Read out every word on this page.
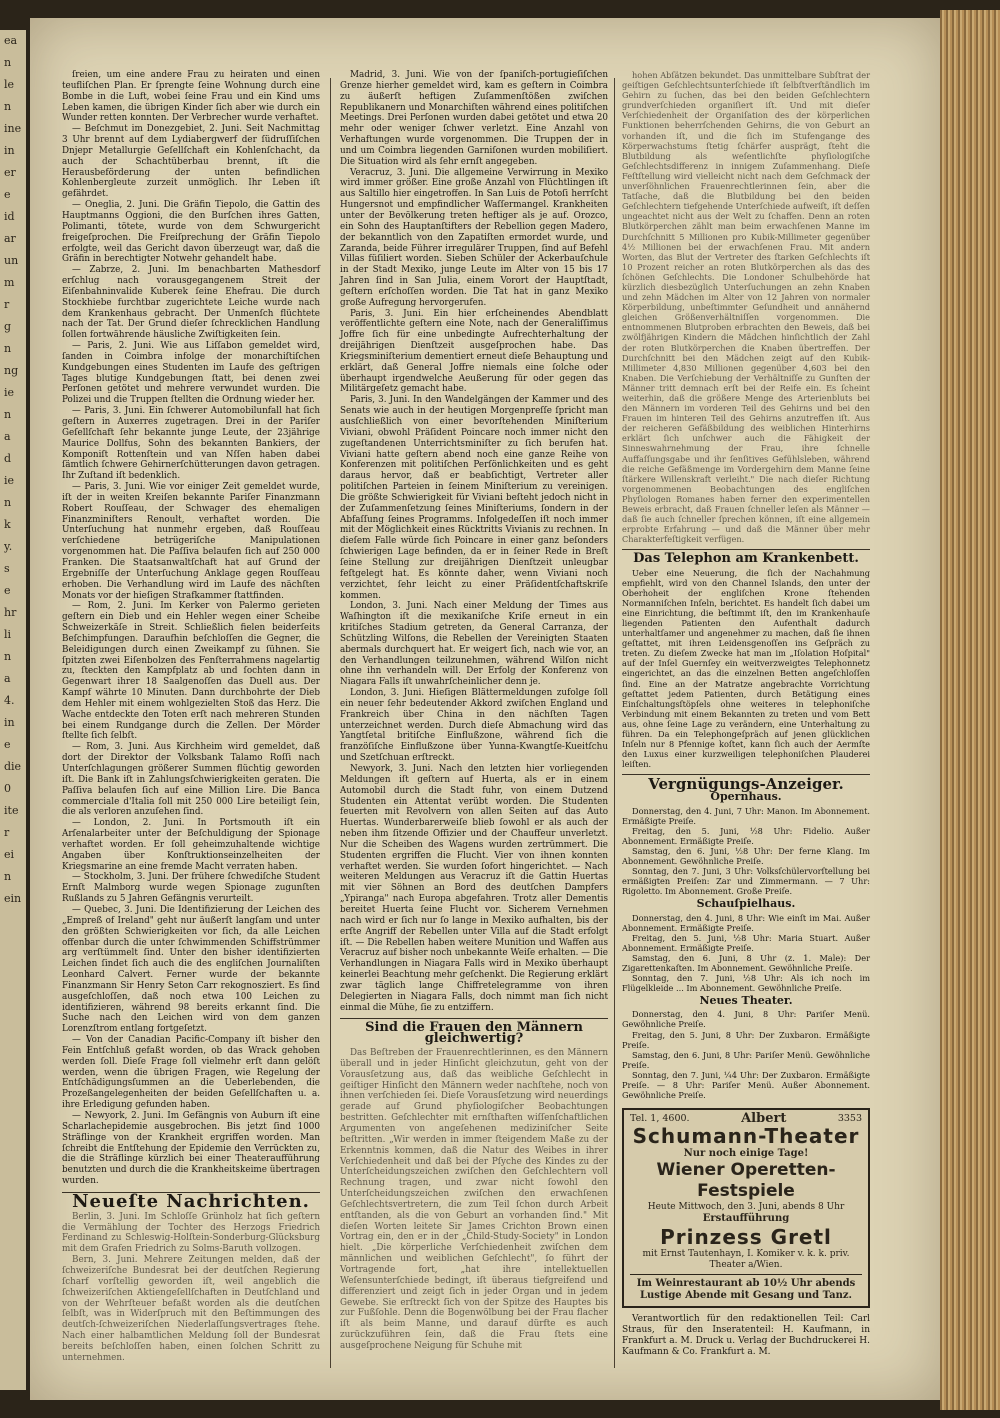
ea
n
le
n
ine
in
er
e
id
ar
un
m
r
g
n
ng
ie
n
a
d
ie
n
k
y.
s
e
hr
li
n
a
4.
in
e
die
0
ite
r
ei
n
ein

ſreien, um eine andere Frau zu heiraten und einen teufliſchen Plan. Er ſprengte ſeine Wohnung durch eine Bombe in die Luft, wobei ſeine Frau und ein Kind ums Leben kamen, die übrigen Kinder ſich aber wie durch ein Wunder retten konnten. Der Verbrecher wurde verhaftet.

— Beſchmut im Donezgebiet, 2. Juni. Seit Nachmittag 3 Uhr brennt auf dem Lydiabergwerf der ſüdruſſiſchen Dnjepr Metallurgie Geſellſchaft ein Kohlenſchacht, da auch der Schachtüberbau brennt, iſt die Herausbeförderung der unten befindlichen Kohlenbergleute zurzeit unmöglich. Ihr Leben iſt gefährdet.

— Oneglia, 2. Juni. Die Gräfin Tiepolo, die Gattin des Hauptmanns Oggioni, die den Burſchen ihres Gatten, Polimanti, tötete, wurde von dem Schwurgericht freigeſprochen. Die Freiſprechung der Gräfin Tiepolo erfolgte, weil das Gericht davon überzeugt war, daß die Gräfin in berechtigter Notwehr gehandelt habe.

— Zabrze, 2. Juni. Im benachbarten Mathesdorf erſchlug nach vorausgegangenem Streit der Eiſenbahninvalide Kuberek ſeine Ehefrau. Die durch Stockhiebe furchtbar zugerichtete Leiche wurde nach dem Krankenhaus gebracht. Der Unmenſch flüchtete nach der Tat. Der Grund dieſer ſchrecklichen Handlung ſollen fortwährende häusliche Zwiſtigkeiten ſein.

— Paris, 2. Juni. Wie aus Liſſabon gemeldet wird, ſanden in Coimbra infolge der monarchiſtiſchen Kundgebungen eines Studenten im Laufe des geſtrigen Tages blutige Kundgebungen ſtatt, bei denen zwei Perſonen getötet und mehrere verwundet wurden. Die Polizei und die Truppen ſtellten die Ordnung wieder her.

— Paris, 3. Juni. Ein ſchwerer Automobilunfall hat ſich geſtern in Auxerres zugetragen. Drei in der Pariſer Geſellſchaft ſehr bekannte junge Leute, der 23jährige Maurice Dollfus, Sohn des bekannten Bankiers, der Komponiſt Rottenſtein und van Nſſen haben dabei ſämtlich ſchwere Gehirnerſchütterungen davon getragen. Ihr Zuſtand iſt bedenklich.

— Paris, 3. Juni. Wie vor einiger Zeit gemeldet wurde, iſt der in weiten Kreiſen bekannte Pariſer Finanzmann Robert Rouſſeau, der Schwager des ehemaligen Finanzminiſters Renoult, verhaftet worden. Die Unterſuchung hat nunmehr ergeben, daß Rouſſeau verſchiedene betrügeriſche Manipulationen vorgenommen hat. Die Paſſiva belaufen ſich auf 250 000 Franken. Die Staatsanwaltſchaft hat auf Grund der Ergebniſſe der Unterſuchung Anklage gegen Rouſſeau erhoben. Die Verhandlung wird im Laufe des nächſten Monats vor der hieſigen Strafkammer ſtattfinden.

— Rom, 2. Juni. Im Kerker von Palermo gerieten geſtern ein Dieb und ein Hehler wegen einer Scheibe Schweizerkäſe in Streit. Schließlich fielen beiderſeits Beſchimpfungen. Daraufhin beſchloſſen die Gegner, die Beleidigungen durch einen Zweikampf zu ſühnen. Sie ſpitzten zwei Eiſenbolzen des Fenſterrahmens nagelartig zu, ſteckten den Kampfplatz ab und ſochten dann in Gegenwart ihrer 18 Saalgenoſſen das Duell aus. Der Kampf währte 10 Minuten. Dann durchbohrte der Dieb dem Hehler mit einem wohlgezielten Stoß das Herz. Die Wache entdeckte den Toten erſt nach mehreren Stunden bei einem Rundgange durch die Zellen. Der Mörder ſtellte ſich ſelbſt.

— Rom, 3. Juni. Aus Kirchheim wird gemeldet, daß dort der Direktor der Volksbank Talamo Roſſi nach Unterſchlagungen größerer Summen flüchtig geworden iſt. Die Bank iſt in Zahlungsſchwierigkeiten geraten. Die Paſſiva belaufen ſich auf eine Million Lire. Die Banca commerciale d'Italia ſoll mit 250 000 Lire beteiligt ſein, die als verloren anzuſehen ſind.

— London, 2. Juni. In Portsmouth iſt ein Arſenalarbeiter unter der Beſchuldigung der Spionage verhaftet worden. Er ſoll geheimzuhaltende wichtige Angaben über Konſtruktionseinzelheiten der Kriegsmarine an eine fremde Macht verraten haben.

— Stockholm, 3. Juni. Der frühere ſchwediſche Student Ernſt Malmborg wurde wegen Spionage zugunſten Rußlands zu 5 Jahren Gefängnis verurteilt.

— Quebec, 3. Juni. Die Identifizierung der Leichen des „Empreß of Ireland" geht nur äußerſt langſam und unter den größten Schwierigkeiten vor ſich, da alle Leichen offenbar durch die unter ſchwimmenden Schiffstrümmer arg verſtümmelt ſind. Unter den bisher identifizierten Leichen ſindet ſich auch die des engliſchen Journaliſten Leonhard Calvert. Ferner wurde der bekannte Finanzmann Sir Henry Seton Carr rekognosziert. Es ſind ausgeſchloſſen, daß noch etwa 100 Leichen zu identifizieren, während 98 bereits erkannt ſind. Die Suche nach den Leichen wird von dem ganzen Lorenzſtrom entlang fortgeſetzt.

— Von der Canadian Pacific-Company iſt bisher den Fein Entſchluß gefaßt worden, ob das Wrack gehoben werden ſoll. Dieſe Frage ſoll vielmehr erſt dann gelöſt werden, wenn die übrigen Fragen, wie Regelung der Entſchädigungsſummen an die Ueberlebenden, die Prozeßangelegenheiten der beiden Geſellſchaften u. a. ihre Erledigung gefunden haben.

— Newyork, 2. Juni. Im Gefängnis von Auburn iſt eine Scharlachepidemie ausgebrochen. Bis jetzt ſind 1000 Sträflinge von der Krankheit ergriffen worden. Man ſchreibt die Entſtehung der Epidemie den Verrückten zu, die die Sträflinge kürzlich bei einer Theateraufführung benutzten und durch die die Krankheitskeime übertragen wurden.

Neueſte Nachrichten.

Berlin, 3. Juni. Im Schloſſe Grünholz hat ſich geſtern die Vermählung der Tochter des Herzogs Friedrich Ferdinand zu Schleswig-Holſtein-Sonderburg-Glücksburg mit dem Grafen Friedrich zu Solms-Baruth vollzogen.

Bern, 3. Juni. Mehrere Zeitungen melden, daß der ſchweizeriſche Bundesrat bei der deutſchen Regierung ſcharf vorſtellig geworden iſt, weil angeblich die ſchweizeriſchen Aktiengeſellſchaften in Deutſchland und von der Wehrſteuer befaßt worden als die deutſchen ſelbſt, was in Widerſpruch mit den Beſtimmungen des deutſch-ſchweizeriſchen Niederlaſſungsvertrages ſtehe. Nach einer halbamtlichen Meldung ſoll der Bundesrat bereits beſchloſſen haben, einen ſolchen Schritt zu unternehmen.

Madrid, 3. Juni. Wie von der ſpaniſch-portugieſiſchen Grenze hierher gemeldet wird, kam es geſtern in Coimbra zu äußerſt heftigen Zuſammenſtößen zwiſchen Republikanern und Monarchiſten während eines politiſchen Meetings. Drei Perſonen wurden dabei getötet und etwa 20 mehr oder weniger ſchwer verletzt. Eine Anzahl von Verhaftungen wurde vorgenommen. Die Truppen der in und um Coimbra liegenden Garniſonen wurden mobiliſiert. Die Situation wird als ſehr ernſt angegeben.

Veracruz, 3. Juni. Die allgemeine Verwirrung in Mexiko wird immer größer. Eine große Anzahl von Flüchtlingen iſt aus Saltillo hier eingetroffen. In San Luis de Potoſi herrſcht Hungersnot und empfindlicher Waſſermangel. Krankheiten unter der Bevölkerung treten heftiger als je auf. Orozco, ein Sohn des Hauptanſtifters der Rebellion gegen Madero, der bekanntlich von den Zapatiſten ermordet wurde, und Zaranda, beide Führer irregulärer Truppen, ſind auf Befehl Villas füſiliert worden. Sieben Schüler der Ackerbauſchule in der Stadt Mexiko, junge Leute im Alter von 15 bis 17 Jahren ſind in San Julia, einem Vorort der Hauptſtadt, geſtern erſchoſſen worden. Die Tat hat in ganz Mexiko große Aufregung hervorgerufen.

Paris, 3. Juni. Ein hier erſcheinendes Abendblatt veröffentlichte geſtern eine Note, nach der Generaliſſimus Joffre ſich für eine unbedingte Aufrechterhaltung der dreijährigen Dienſtzeit ausgeſprochen habe. Das Kriegsminiſterium dementiert erneut dieſe Behauptung und erklärt, daß General Joffre niemals eine ſolche oder überhaupt irgendwelche Aeußerung für oder gegen das Militärgeſetz gemacht habe.

Paris, 3. Juni. In den Wandelgängen der Kammer und des Senats wie auch in der heutigen Morgenpreſſe ſpricht man ausſchließlich von einer bevorſtehenden Miniſterium Viviani, obwohl Präſident Poincare noch immer nicht den zugeſtandenen Unterrichtsminiſter zu ſich berufen hat. Viviani hatte geſtern abend noch eine ganze Reihe von Konferenzen mit politiſchen Perſönlichkeiten und es geht daraus hervor, daß er beabſichtigt, Vertreter aller politiſchen Parteien in ſeinem Miniſterium zu vereinigen. Die größte Schwierigkeit für Viviani beſteht jedoch nicht in der Zuſammenſetzung ſeines Miniſteriums, ſondern in der Abfaſſung ſeines Programms. Infolgedeſſen iſt noch immer mit der Möglichkeit eines Rücktritts Vivianis zu rechnen. In dieſem Falle würde ſich Poincare in einer ganz beſonders ſchwierigen Lage befinden, da er in ſeiner Rede in Breſt ſeine Stellung zur dreijährigen Dienſtzeit unleugbar feſtgelegt hat. Es könnte daher, wenn Viviani noch verzichtet, ſehr leicht zu einer Präſidentſchaftskriſe kommen.

London, 3. Juni. Nach einer Meldung der Times aus Waſhington iſt die mexikaniſche Kriſe erneut in ein kritiſches Stadium getreten, da General Carranza, der Schützling Wilſons, die Rebellen der Vereinigten Staaten abermals durchquert hat. Er weigert ſich, nach wie vor, an den Verhandlungen teilzunehmen, während Wilſon nicht ohne ihn verhandeln will. Der Erfolg der Konferenz von Niagara Falls iſt unwahrſcheinlicher denn je.

London, 3. Juni. Hieſigen Blättermeldungen zufolge ſoll ein neuer ſehr bedeutender Akkord zwiſchen England und Frankreich über China in den nächſten Tagen unterzeichnet werden. Durch dieſe Abmachung wird das Yangtſetal britiſche Einflußzone, während ſich die franzöſiſche Einflußzone über Yunna-Kwangtſe-Kueitſchu und Szetſchuan erſtreckt.

Newyork, 3. Juni. Nach den letzten hier vorliegenden Meldungen iſt geſtern auf Huerta, als er in einem Automobil durch die Stadt fuhr, von einem Dutzend Studenten ein Attentat verübt worden. Die Studenten feuerten mit Revolvern von allen Seiten auf das Auto Huertas. Wunderbarerweiſe blieb ſowohl er als auch der neben ihm ſitzende Offizier und der Chauffeur unverletzt. Nur die Scheiben des Wagens wurden zertrümmert. Die Studenten ergriffen die Flucht. Vier von ihnen konnten verhaftet werden. Sie wurden ſofort hingerichtet. — Nach weiteren Meldungen aus Veracruz iſt die Gattin Huertas mit vier Söhnen an Bord des deutſchen Dampfers „Ypiranga" nach Europa abgefahren. Trotz aller Dementis bereitet Huerta ſeine Flucht vor. Sicherem Vernehmen nach wird er ſich nur ſo lange in Mexiko aufhalten, bis der erſte Angriff der Rebellen unter Villa auf die Stadt erfolgt iſt. — Die Rebellen haben weitere Munition und Waffen aus Veracruz auf bisher noch unbekannte Weiſe erhalten. — Die Verhandlungen in Niagara Falls wird in Mexiko überhaupt keinerlei Beachtung mehr geſchenkt. Die Regierung erklärt zwar täglich lange Chiffretelegramme von ihren Delegierten in Niagara Falls, doch nimmt man ſich nicht einmal die Mühe, ſie zu entziffern.

Sind die Frauen den Männern gleichwertig?

Das Beſtreben der Frauenrechtlerinnen, es den Männern überall und in jeder Hinſicht gleichzutun, geht von der Vorausſetzung aus, daß das weibliche Geſchlecht in geiſtiger Hinſicht den Männern weder nachſtehe, noch von ihnen verſchieden ſei. Dieſe Vorausſetzung wird neuerdings gerade auf Grund phyſiologiſcher Beobachtungen bestritten. Geſchlechter mit ernſthaften wiſſenſchaftlichen Argumenten von angeſehenen mediziniſcher Seite beſtritten. „Wir werden in immer ſteigendem Maße zu der Erkenntnis kommen, daß die Natur des Weibes in ihrer Verſchiedenheit und daß bei der Pſyche des Kindes zu der Unterſcheidungszeichen zwiſchen den Geſchlechtern voll Rechnung tragen, und zwar nicht ſowohl den Unterſcheidungszeichen zwiſchen den erwachſenen Geſchlechtsvertretern, die zum Teil ſchon durch Arbeit entſtanden, als die von Geburt an vorhanden ſind." Mit dieſen Worten leitete Sir James Crichton Brown einen Vortrag ein, den er in der „Child-Study-Society" in London hielt. „Die körperliche Verſchiedenheit zwiſchen dem männlichen und weiblichen Geſchlecht", ſo führt der Vortragende fort, „hat ihre intellektuellen Weſensunterſchiede bedingt, iſt überaus tiefgreifend und differenziert und zeigt ſich in jeder Organ und in jedem Gewebe. Sie erſtreckt ſich von der Spitze des Hauptes bis zur Fußſohle. Denn die Bogenwölbung bei der Frau flacher iſt als beim Manne, und darauf dürfte es auch zurückzuführen ſein, daß die Frau ſtets eine ausgeſprochene Neigung für Schuhe mit

hohen Abſätzen bekundet. Das unmittelbare Subſtrat der geiſtigen Geſchlechtsunterſchiede iſt ſelbſtverſtändlich im Gehirn zu ſuchen, das bei den beiden Geſchlechtern grundverſchieden organiſiert iſt. Und mit dieſer Verſchiedenheit der Organiſation des der körperlichen Funktionen beherrſchenden Gehirns, die von Geburt an vorhanden iſt, und die ſich im Stufengange des Körperwachstums ſtetig ſchärfer ausprägt, ſteht die Blutbildung als weſentlichſte phyſiologiſche Geſchlechtsdifferenz in innigem Zuſammenhang. Dieſe Feſtſtellung wird vielleicht nicht nach dem Geſchmack der unverſöhnlichen Frauenrechtlerinnen ſein, aber die Tatſache, daß die Blutbildung bei den beiden Geſchlechtern tiefgehende Unterſchiede aufweiſt, iſt deſſen ungeachtet nicht aus der Welt zu ſchaffen. Denn an roten Blutkörperchen zählt man beim erwachſenen Manne im Durchſchnitt 5 Millionen pro Kubik-Millimeter gegenüber 4½ Millionen bei der erwachſenen Frau. Mit andern Worten, das Blut der Vertreter des ſtarken Geſchlechts iſt 10 Prozent reicher an roten Blutkörperchen als das des ſchönen Geſchlechts. Die Londoner Schulbehörde hat kürzlich diesbezüglich Unterſuchungen an zehn Knaben und zehn Mädchen im Alter von 12 Jahren von normaler Körperbildung, unbeſtimmter Geſundheit und annähernd gleichen Größenverhältniſſen vorgenommen. Die entnommenen Blutproben erbrachten den Beweis, daß bei zwölfjährigen Kindern die Mädchen hinſichtlich der Zahl der roten Blutkörperchen die Knaben übertreffen. Der Durchſchnitt bei den Mädchen zeigt auf den Kubik-Millimeter 4,830 Millionen gegenüber 4,603 bei den Knaben. Die Verſchiebung der Verhältniſſe zu Gunſten der Männer tritt demnach erſt bei der Reife ein. Es ſcheint weiterhin, daß die größere Menge des Arterienbluts bei den Männern im vorderen Teil des Gehirns und bei den Frauen im hinteren Teil des Gehirns anzutreffen iſt. Aus der reicheren Gefäßbildung des weiblichen Hinterhirns erklärt ſich unſchwer auch die Fähigkeit der Sinneswahrnehmung der Frau, ihre ſchnelle Auffaſſungsgabe und ihr ſenſitives Gefühlsleben, während die reiche Gefäßmenge im Vordergehirn dem Manne ſeine ſtärkere Willenskraft verleiht." Die nach dieſer Richtung vorgenommenen Beobachtungen des engliſchen Phyſiologen Romanes haben ferner den experimentellen Beweis erbracht, daß Frauen ſchneller leſen als Männer — daß ſie auch ſchneller ſprechen können, iſt eine allgemein erprobte Erfahrung — und daß die Männer über mehr Charakterfeſtigkeit verfügen.

Das Telephon am Krankenbett.

Ueber eine Neuerung, die ſich der Nachahmung empfiehlt, wird von den Channel Islands, den unter der Oberhoheit der engliſchen Krone ſtehenden Normanniſchen Inſeln, berichtet. Es handelt ſich dabei um eine Einrichtung, die beſtimmt iſt, den im Krankenhauſe liegenden Patienten den Aufenthalt dadurch unterhaltſamer und angenehmer zu machen, daß ſie ihnen geſtattet, mit ihren Leidensgenoſſen ins Geſpräch zu treten. Zu dieſem Zwecke hat man im „Iſolation Hoſpital" auf der Inſel Guernſey ein weitverzweigtes Telephonnetz eingerichtet, an das die einzelnen Betten angeſchloſſen ſind. Eine an der Matratze angebrachte Vorrichtung geſtattet jedem Patienten, durch Betätigung eines Einſchaltungsſtöpſels ohne weiteres in telephoniſche Verbindung mit einem Bekannten zu treten und vom Bett aus, ohne ſeine Lage zu verändern, eine Unterhaltung zu führen. Da ein Telephongeſpräch auf jenen glücklichen Inſeln nur 8 Pfennige koſtet, kann ſich auch der Aermſte den Luxus einer kurzweiligen telephoniſchen Plauderei leiſten.

Vergnügungs-Anzeiger.
Opernhaus.

Donnerstag, den 4. Juni, 7 Uhr: Manon. Im Abonnement. Ermäßigte Preiſe.

Freitag, den 5. Juni, ½8 Uhr: Fidelio. Außer Abonnement. Ermäßigte Preiſe.

Samstag, den 6. Juni, ½8 Uhr: Der ferne Klang. Im Abonnement. Gewöhnliche Preiſe.

Sonntag, den 7. Juni, 3 Uhr: Volksſchülervorſtellung bei ermäßigten Preiſen: Zar und Zimmermann. — 7 Uhr: Rigoletto. Im Abonnement. Große Preiſe.

Schauſpielhaus.

Donnerstag, den 4. Juni, 8 Uhr: Wie einſt im Mai. Außer Abonnement. Ermäßigte Preiſe.

Freitag, den 5. Juni, ½8 Uhr: Maria Stuart. Außer Abonnement. Ermäßigte Preiſe.

Samstag, den 6. Juni, 8 Uhr (z. 1. Male): Der Zigarettenkaſten. Im Abonnement. Gewöhnliche Preiſe.

Sonntag, den 7. Juni, ½8 Uhr: Als ich noch im Flügelkleide ... Im Abonnement. Gewöhnliche Preiſe.

Neues Theater.

Donnerstag, den 4. Juni, 8 Uhr: Pariſer Menü. Gewöhnliche Preiſe.

Freitag, den 5. Juni, 8 Uhr: Der Zuxbaron. Ermäßigte Preiſe.

Samstag, den 6. Juni, 8 Uhr: Pariſer Menü. Gewöhnliche Preiſe.

Sonntag, den 7. Juni, ¼4 Uhr: Der Zuxbaron. Ermäßigte Preiſe. — 8 Uhr: Pariſer Menü. Außer Abonnement. Gewöhnliche Preiſe.

Tel. 1, 4600.	Albert	3353
Schumann-Theater
Nur noch einige Tage!
Wiener Operetten-Festspiele
Heute Mittwoch, den 3. Juni, abends 8 Uhr
Erstaufführung
Prinzess Gretl
mit Ernst Tautenhayn, I. Komiker v. k. k. priv. Theater a/Wien.
Im Weinrestaurant ab 10½ Uhr abends
Lustige Abende mit Gesang und Tanz.

Verantwortlich für den redaktionellen Teil: Carl Straus, für den Inseratenteil: H. Kaufmann, in Frankfurt a. M. Druck u. Verlag der Buchdruckerei H. Kaufmann & Co. Frankfurt a. M.
